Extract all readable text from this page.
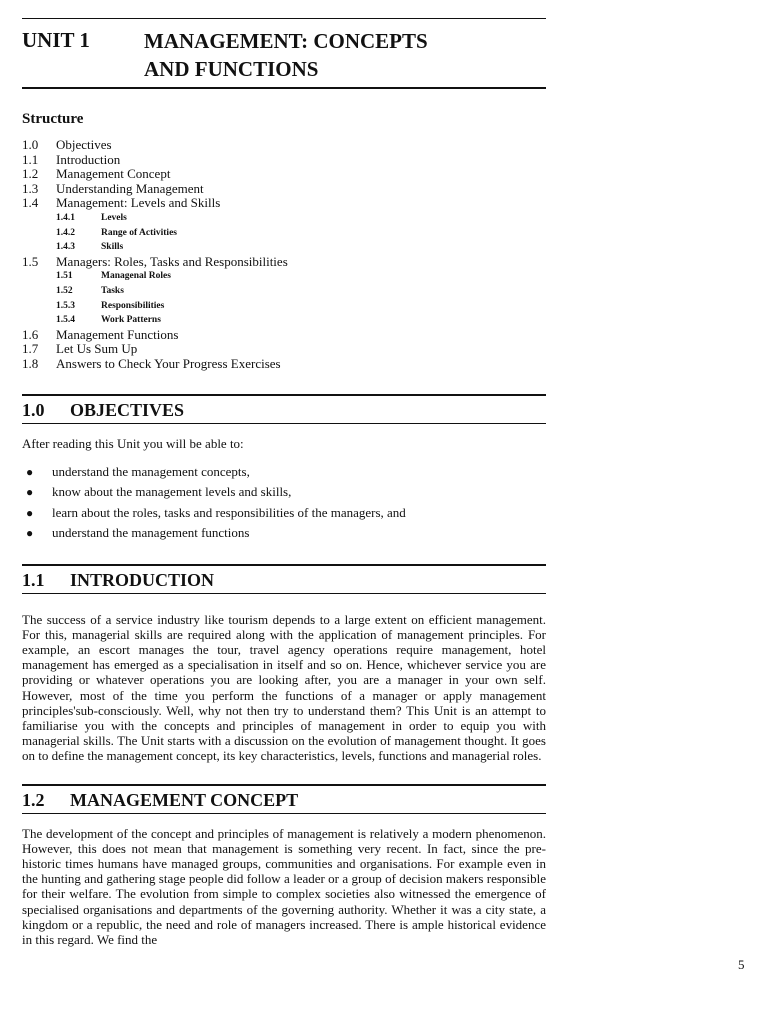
UNIT 1	MANAGEMENT: CONCEPTS
AND FUNCTIONS
Structure
1.0	Objectives
1.1	Introduction
1.2	Management Concept
1.3	Understanding Management
1.4	Management: Levels and Skills
1.4.1	Levels
1.4.2	Range of Activities
1.4.3	Skills
1.5	Managers: Roles, Tasks and Responsibilities
1.51	Managenal Roles
1.52	Tasks
1.5.3	Responsibilities
1.5.4	Work Patterns
1.6	Management Functions
1.7	Let Us Sum Up
1.8	Answers to Check Your Progress Exercises
1.0	OBJECTIVES
After reading this Unit you will be able to:
●	understand the management concepts,
●	know about the management levels and skills,
●	learn about the roles, tasks and responsibilities of the managers, and
●	understand the management functions
1.1	INTRODUCTION
The success of a service industry like tourism depends to a large extent on efficient management. For this, managerial skills are required along with the application of management principles. For example, an escort manages the tour, travel agency operations require management, hotel management has emerged as a specialisation in itself and so on. Hence, whichever service you are providing or whatever operations you are looking after, you are a manager in your own self. However, most of the time you perform the functions of a manager or apply management principles'sub-consciously. Well, why not then try to understand them? This Unit is an attempt to familiarise you with the concepts and principles of management in order to equip you with managerial skills. The Unit starts with a discussion on the evolution of management thought. It goes on to define the management concept, its key characteristics, levels, functions and managerial roles.
1.2	MANAGEMENT CONCEPT
The development of the concept and principles of management is relatively a modern phenomenon. However, this does not mean that management is something very recent. In fact, since the pre- historic times humans have managed groups, communities and organisations. For example even in the hunting and gathering stage people did follow a leader or a group of decision makers responsible for their welfare. The evolution from simple to complex societies also witnessed the emergence of specialised organisations and departments of the governing authority. Whether it was a city state, a kingdom or a republic, the need and role of managers increased. There is ample historical evidence in this regard. We find the
5
